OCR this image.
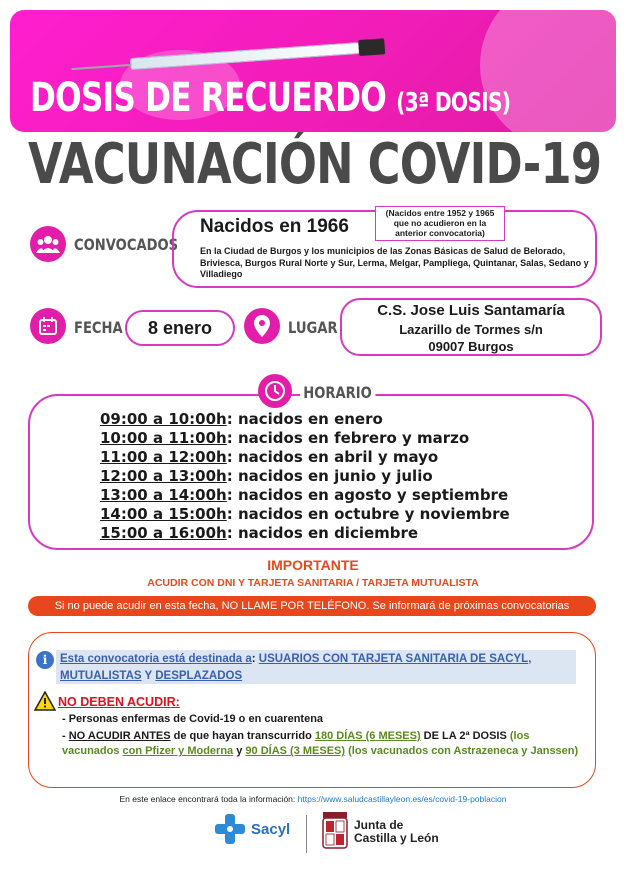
DOSIS DE RECUERDO (3ª DOSIS)
VACUNACIÓN COVID-19
CONVOCADOS
Nacidos en 1966
(Nacidos entre 1952 y 1965 que no acudieron en la anterior convocatoria)
En la Ciudad de Burgos y los municipios de las Zonas Básicas de Salud de Belorado, Briviesca, Burgos Rural Norte y Sur, Lerma, Melgar, Pampliega, Quintanar, Salas, Sedano y Villadiego
FECHA	8 enero	LUGAR
C.S. Jose Luis Santamaría
Lazarillo de Tormes s/n
09007 Burgos
HORARIO
09:00 a 10:00h: nacidos en enero
10:00 a 11:00h: nacidos en febrero y marzo
11:00 a 12:00h: nacidos en abril y mayo
12:00 a 13:00h: nacidos en junio y julio
13:00 a 14:00h: nacidos en agosto y septiembre
14:00 a 15:00h: nacidos en octubre y noviembre
15:00 a 16:00h: nacidos en diciembre
IMPORTANTE
ACUDIR CON DNI Y TARJETA SANITARIA / TARJETA MUTUALISTA
Si no puede acudir en esta fecha, NO LLAME POR TELÉFONO. Se informará de próximas convocatorias
i Esta convocatoria está destinada a: USUARIOS CON TARJETA SANITARIA DE SACYL,
MUTUALISTAS Y DESPLAZADOS
NO DEBEN ACUDIR:
- Personas enfermas de Covid-19 o en cuarentena
- NO ACUDIR ANTES de que hayan transcurrido 180 DÍAS (6 MESES) DE LA 2ª DOSIS (los vacunados con Pfizer y Moderna y 90 DÍAS (3 MESES) (los vacunados con Astrazeneca y Janssen)
En este enlace encontrará toda la información: https://www.saludcastillayleon.es/es/covid-19-poblacion
Sacyl	Junta de
Castilla y León
